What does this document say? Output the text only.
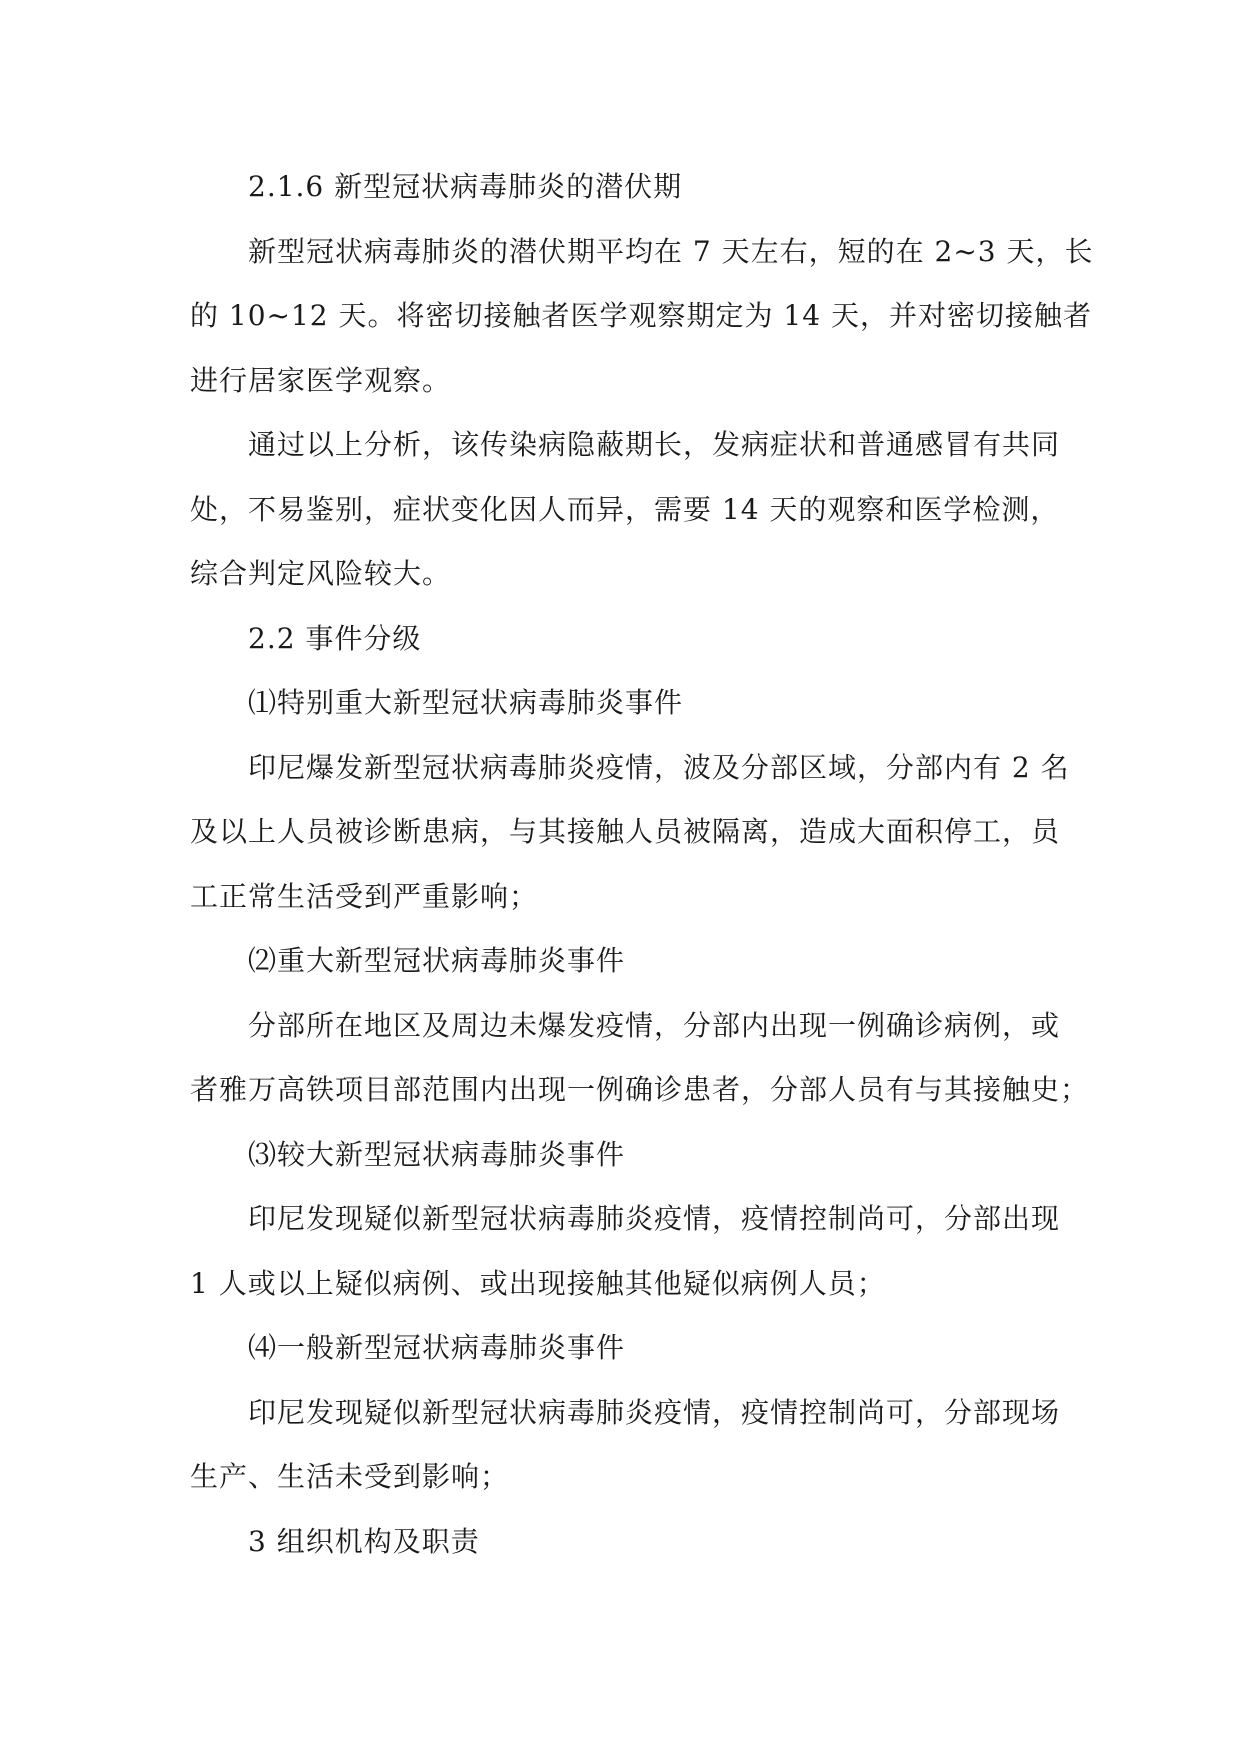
2.1.6 新型冠状病毒肺炎的潜伏期
新型冠状病毒肺炎的潜伏期平均在 7 天左右，短的在 2~3 天，长
的 10~12 天。将密切接触者医学观察期定为 14 天，并对密切接触者
进行居家医学观察。
通过以上分析，该传染病隐蔽期长，发病症状和普通感冒有共同
处，不易鉴别，症状变化因人而异，需要 14 天的观察和医学检测，
综合判定风险较大。
2.2 事件分级
⑴特别重大新型冠状病毒肺炎事件
印尼爆发新型冠状病毒肺炎疫情，波及分部区域，分部内有 2 名
及以上人员被诊断患病，与其接触人员被隔离，造成大面积停工，员
工正常生活受到严重影响；
⑵重大新型冠状病毒肺炎事件
分部所在地区及周边未爆发疫情，分部内出现一例确诊病例，或
者雅万高铁项目部范围内出现一例确诊患者，分部人员有与其接触史；
⑶较大新型冠状病毒肺炎事件
印尼发现疑似新型冠状病毒肺炎疫情，疫情控制尚可，分部出现
1 人或以上疑似病例、或出现接触其他疑似病例人员；
⑷一般新型冠状病毒肺炎事件
印尼发现疑似新型冠状病毒肺炎疫情，疫情控制尚可，分部现场
生产、生活未受到影响；
3 组织机构及职责
